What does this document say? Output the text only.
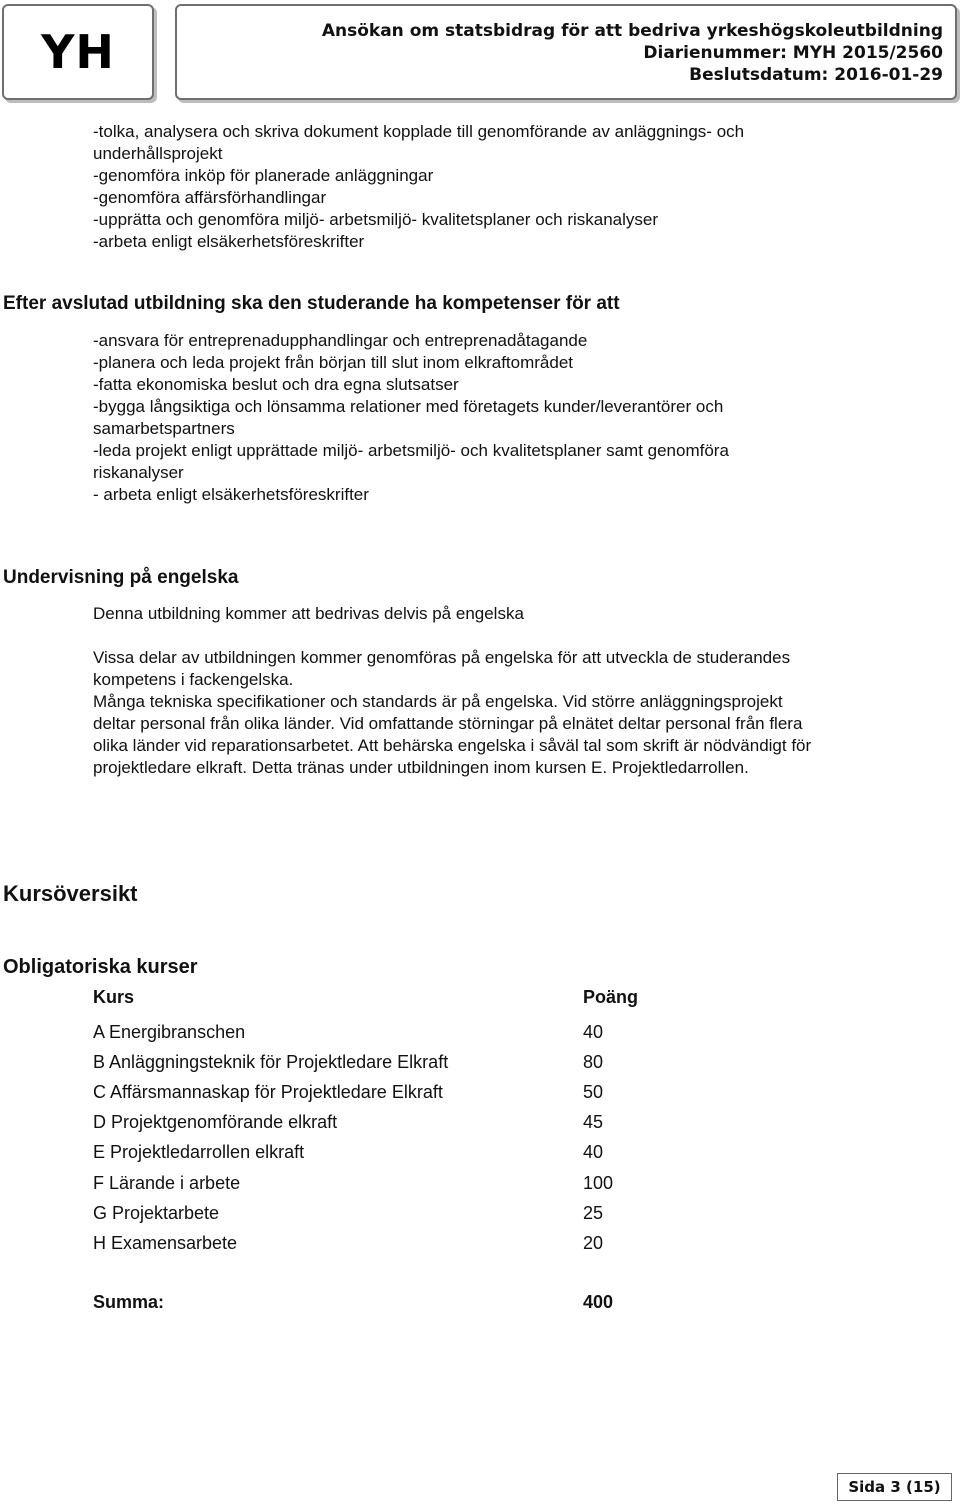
YH	Ansökan om statsbidrag för att bedriva yrkeshögskoleutbildning
Diarienummer: MYH 2015/2560
Beslutsdatum: 2016-01-29
-tolka, analysera och skriva dokument kopplade till genomförande av anläggnings- och
underhållsprojekt
-genomföra inköp för planerade anläggningar
-genomföra affärsförhandlingar
-upprätta och genomföra miljö- arbetsmiljö- kvalitetsplaner och riskanalyser
-arbeta enligt elsäkerhetsföreskrifter
Efter avslutad utbildning ska den studerande ha kompetenser för att
-ansvara för entreprenadupphandlingar och entreprenadåtagande
-planera och leda projekt från början till slut inom elkraftområdet
-fatta ekonomiska beslut och dra egna slutsatser
-bygga långsiktiga och lönsamma relationer med företagets kunder/leverantörer och
samarbetspartners
-leda projekt enligt upprättade miljö- arbetsmiljö- och kvalitetsplaner samt genomföra
riskanalyser
- arbeta enligt elsäkerhetsföreskrifter
Undervisning på engelska
Denna utbildning kommer att bedrivas delvis på engelska
Vissa delar av utbildningen kommer genomföras på engelska för att utveckla de studerandes
kompetens i fackengelska.
Många tekniska specifikationer och standards är på engelska. Vid större anläggningsprojekt
deltar personal från olika länder. Vid omfattande störningar på elnätet deltar personal från flera
olika länder vid reparationsarbetet. Att behärska engelska i såväl tal som skrift är nödvändigt för
projektledare elkraft. Detta tränas under utbildningen inom kursen E. Projektledarrollen.
Kursöversikt
Obligatoriska kurser
Kurs	Poäng
A Energibranschen	40
B Anläggningsteknik för Projektledare Elkraft	80
C Affärsmannaskap för Projektledare Elkraft	50
D Projektgenomförande elkraft	45
E Projektledarrollen elkraft	40
F Lärande i arbete	100
G Projektarbete	25
H Examensarbete	20
Summa:	400
Sida 3 (15)
